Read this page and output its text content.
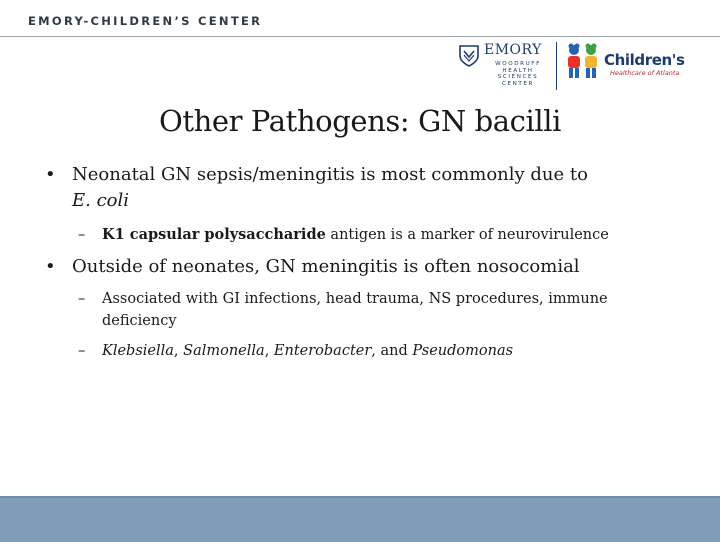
EMORY-CHILDREN’S CENTER
EMORY
WOODRUFF
HEALTH
SCIENCES
CENTER
Children's
Healthcare of Atlanta
Other Pathogens: GN bacilli
• Neonatal GN sepsis/meningitis is most commonly due to
E. coli
– K1 capsular polysaccharide antigen is a marker of neurovirulence
• Outside of neonates, GN meningitis is often nosocomial
– Associated with GI infections, head trauma, NS procedures, immune
deficiency
– Klebsiella, Salmonella, Enterobacter, and Pseudomonas
